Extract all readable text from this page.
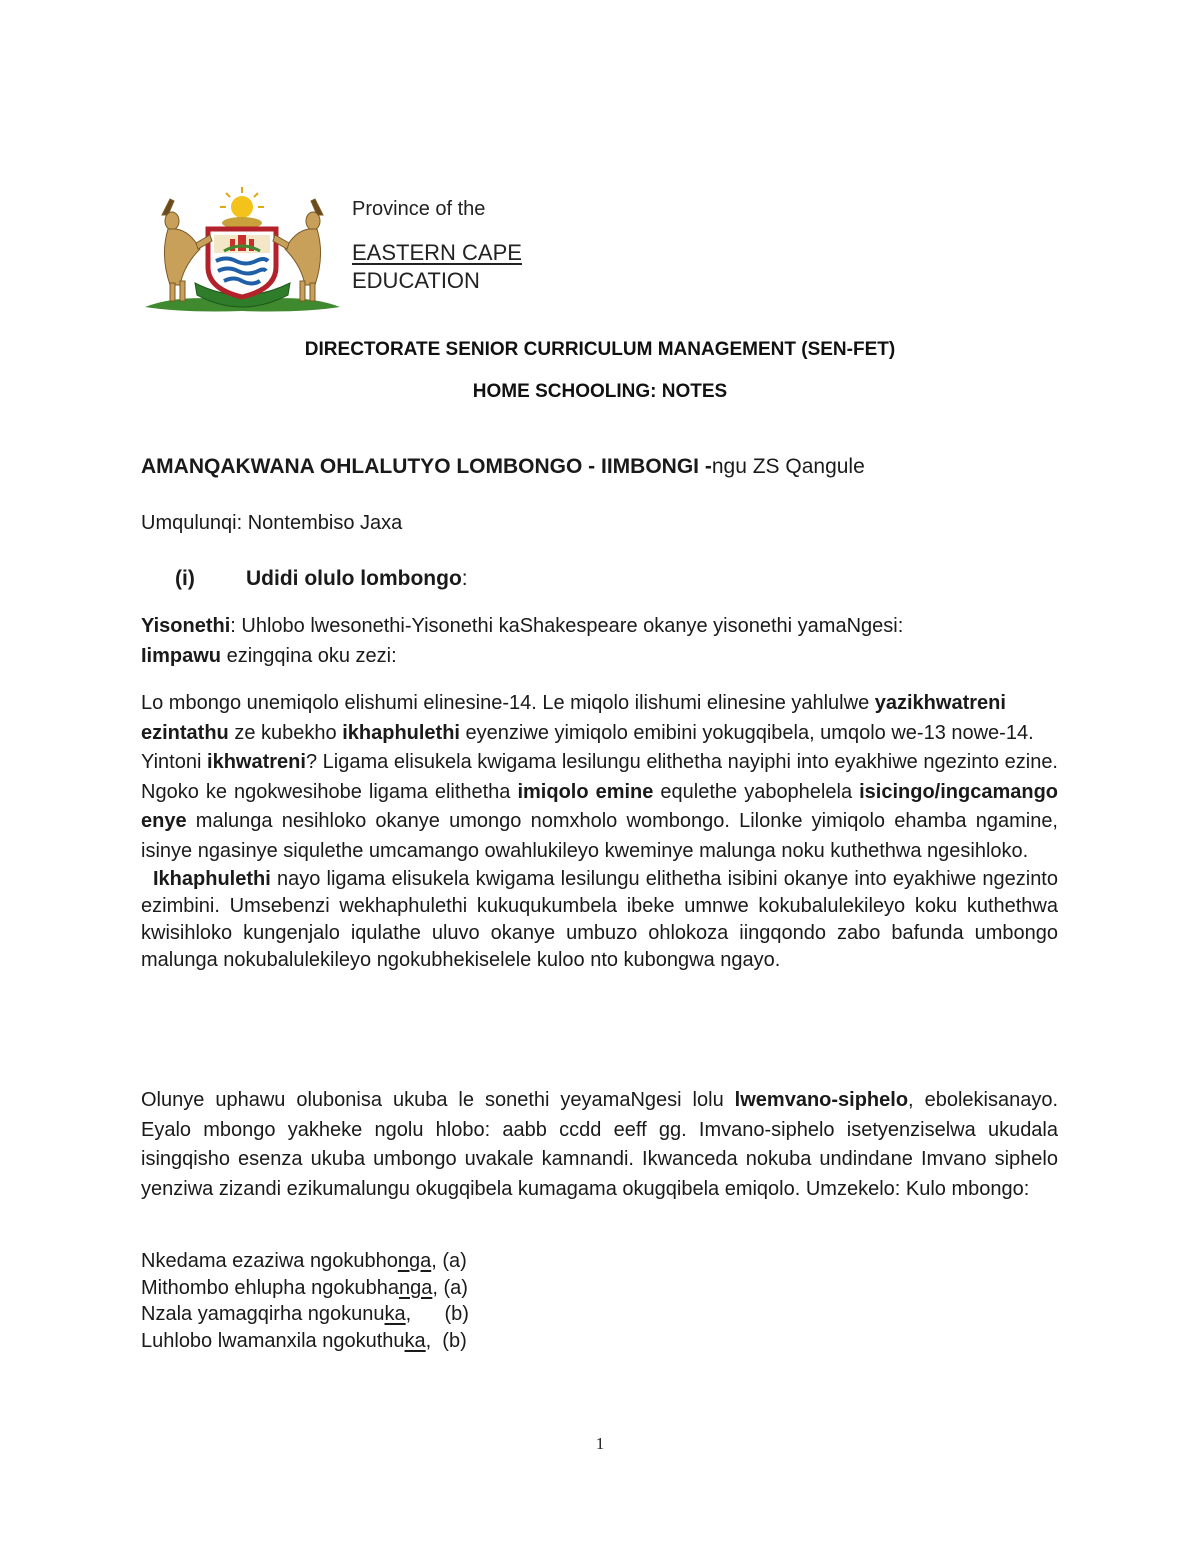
Province of the
EASTERN CAPE
EDUCATION
DIRECTORATE SENIOR CURRICULUM MANAGEMENT (SEN-FET)
HOME SCHOOLING: NOTES
AMANQAKWANA OHLALUTYO LOMBONGO - IIMBONGI -ngu ZS Qangule
Umqulunqi: Nontembiso Jaxa
(i) Udidi olulo lombongo:
Yisonethi: Uhlobo lwesonethi-Yisonethi kaShakespeare okanye yisonethi yamaNgesi:
Iimpawu ezingqina oku zezi:
Lo mbongo unemiqolo elishumi elinesine-14. Le miqolo ilishumi elinesine yahlulwe yazikhwatreni ezintathu ze kubekho ikhaphulethi eyenziwe yimiqolo emibini yokugqibela, umqolo we-13 nowe-14.
Yintoni ikhwatreni? Ligama elisukela kwigama lesilungu elithetha nayiphi into eyakhiwe ngezinto ezine. Ngoko ke ngokwesihobe ligama elithetha imiqolo emine equlethe yabophelela isicingo/ingcamango enye malunga nesihloko okanye umongo nomxholo wombongo. Lilonke yimiqolo ehamba ngamine, isinye ngasinye siqulethe umcamango owahlukileyo kweminye malunga noku kuthethwa ngesihloko.
Ikhaphulethi nayo ligama elisukela kwigama lesilungu elithetha isibini okanye into eyakhiwe ngezinto ezimbini. Umsebenzi wekhaphulethi kukuqukumbela ibeke umnwe kokubalulekileyo koku kuthethwa kwisihloko kungenjalo iqulathe uluvo okanye umbuzo ohlokoza iingqondo zabo bafunda umbongo malunga nokubalulekileyo ngokubhekiselele kuloo nto kubongwa ngayo.
Olunye uphawu olubonisa ukuba le sonethi yeyamaNgesi lolu lwemvano-siphelo, ebolekisanayo. Eyalo mbongo yakheke ngolu hlobo: aabb ccdd eeff gg. Imvano-siphelo isetyenziselwa ukudala isingqisho esenza ukuba umbongo uvakale kamnandi. Ikwanceda nokuba undindane Imvano siphelo yenziwa zizandi ezikumalungu okugqibela kumagama okugqibela emiqolo. Umzekelo: Kulo mbongo:
Nkedama ezaziwa ngokubhonga, (a)
Mithombo ehlupha ngokubhanga, (a)
Nzala yamagqirha ngokunuka,      (b)
Luhlobo lwamanxila ngokuthuka,  (b)
1
